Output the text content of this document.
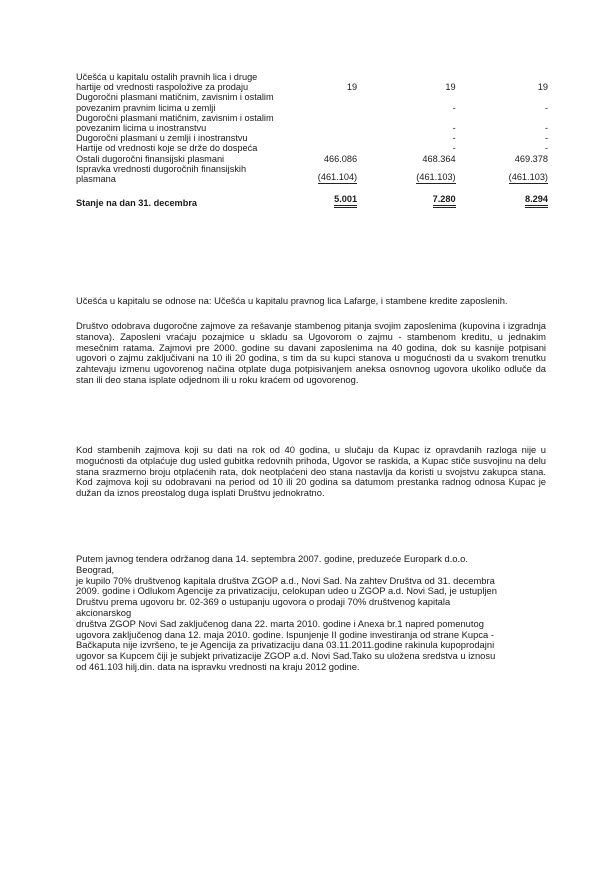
Učešća u kapitalu ostalih pravnih lica i druge hartije od vrednosti raspoložive za prodaju	19	19	19
Dugoročni plasmani matičnim, zavisnim i ostalim povezanim pravnim licima u zemlji		-	-
Dugoročni plasmani matičnim, zavisnim i ostalim povezanim licima u inostranstvu		-	-
Dugoročni plasmani u zemlji i inostranstvu		-	-
Hartije od vrednosti koje se drže do dospeća		-	-
Ostali dugoročni finansijski plasmani	466.086	468.364	469.378
Ispravka vrednosti dugoročnih finansijskih plasmana	(461.104)	(461.103)	(461.103)
Stanje na dan 31. decembra	5.001	7.280	8.294

Učešća u kapitalu se odnose na: Učešća u kapitalu pravnog lica Lafarge, i stambene kredite zaposlenih.

Društvo odobrava dugoročne zajmove za rešavanje stambenog pitanja svojim zaposlenima (kupovina i izgradnja stanova). Zaposleni vraćaju pozajmice u skladu sa Ugovorom o zajmu - stambenom kreditu, u jednakim mesečnim ratama. Zajmovi pre 2000. godine su davani zaposlenima na 40 godina, dok su kasnije potpisani ugovori o zajmu zaključivani na 10 ili 20 godina, s tim da su kupci stanova u mogućnosti da u svakom trenutku zahtevaju izmenu ugovorenog načina otplate duga potpisivanjem aneksa osnovnog ugovora ukoliko odluče da stan ili deo stana isplate odjednom ili u roku kraćem od ugovorenog.

Kod stambenih zajmova koji su dati na rok od 40 godina, u slučaju da Kupac iz opravdanih razloga nije u mogućnosti da otplaćuje dug usled gubitka redovnih prihoda, Ugovor se raskida, a Kupac stiče susvojinu na delu stana srazmerno broju otplaćenih rata, dok neotplaćeni deo stana nastavlja da koristi u svojstvu zakupca stana. Kod zajmova koji su odobravani na period od 10 ili 20 godina sa datumom prestanka radnog odnosa Kupac je dužan da iznos preostalog duga isplati Društvu jednokratno.

Putem javnog tendera održanog dana 14. septembra 2007. godine, preduzeće Europark d.o.o.
Beograd,
je kupilo 70% društvenog kapitala društva ZGOP a.d., Novi Sad. Na zahtev Društva od 31. decembra
2009. godine i Odlukom Agencije za privatizaciju, celokupan udeo u ZGOP a.d. Novi Sad, je ustupljen
Društvu prema ugovoru br. 02-369 o ustupanju ugovora o prodaji 70% društvenog kapitala
akcionarskog
društva ZGOP Novi Sad zaključenog dana 22. marta 2010. godine i Anexa br.1 napred pomenutog
ugovora zaključenog dana 12. maja 2010. godine. Ispunjenje II godine investiranja od strane Kupca -
Bačkaputa nije izvršeno, te je Agencija za privatizaciju dana 03.11.2011.godine rakinula kupoprodajni
ugovor sa Kupcem čiji je subjekt privatizacije ZGOP a.d. Novi Sad.Tako su uložena sredstva u iznosu
od 461.103 hilj.din. data na ispravku vrednosti na kraju 2012 godine.
